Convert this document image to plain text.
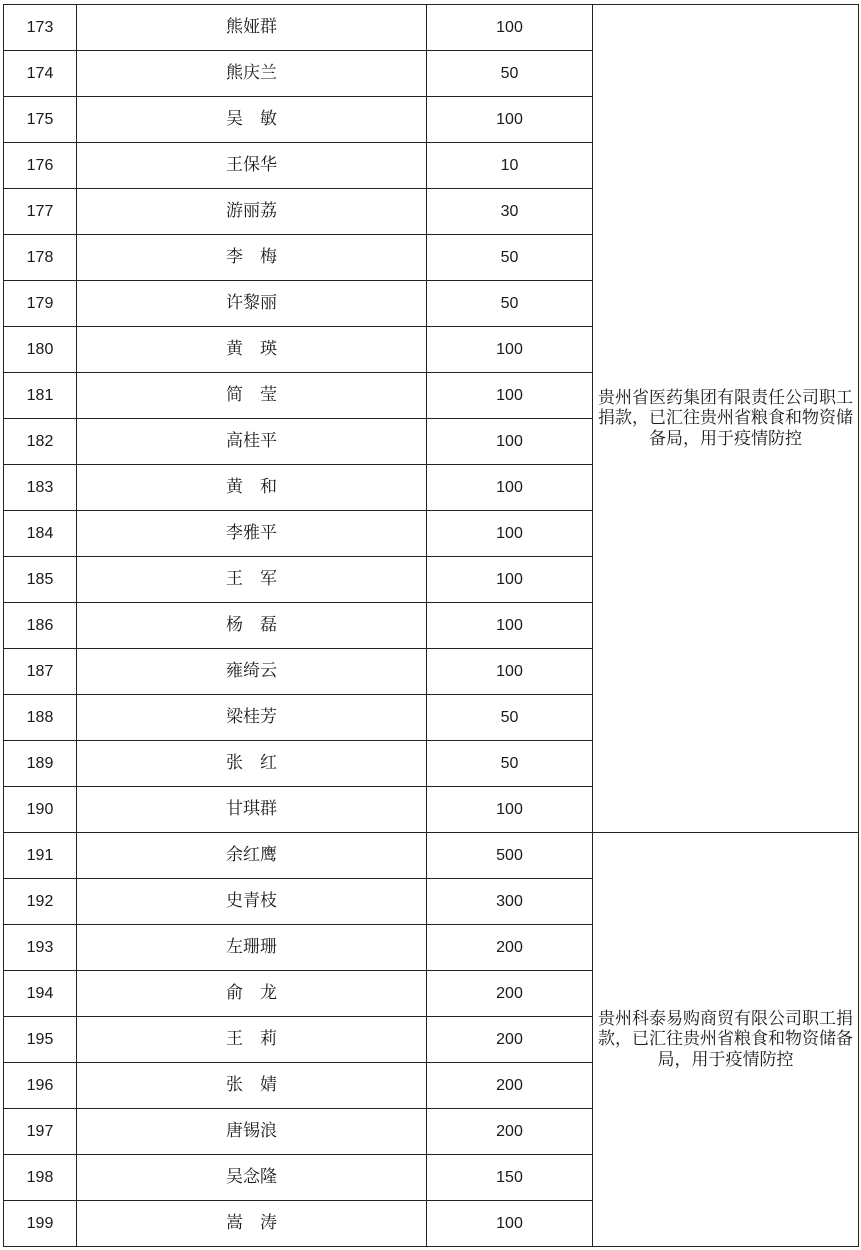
173	熊娅群	100	贵州省医药集团有限责任公司职工捐款，已汇往贵州省粮食和物资储备局，用于疫情防控
174	熊庆兰	50	
175	吴　敏	100	
176	王保华	10	
177	游丽荔	30	
178	李　梅	50	
179	许黎丽	50	
180	黄　瑛	100	
181	简　莹	100	
182	高桂平	100	
183	黄　和	100	
184	李雅平	100	
185	王　军	100	
186	杨　磊	100	
187	雍绮云	100	
188	梁桂芳	50	
189	张　红	50	
190	甘琪群	100	
191	余红鹰	500	贵州科泰易购商贸有限公司职工捐款，已汇往贵州省粮食和物资储备局，用于疫情防控
192	史青枝	300	
193	左珊珊	200	
194	俞　龙	200	
195	王　莉	200	
196	张　婧	200	
197	唐锡浪	200	
198	吴念隆	150	
199	嵩　涛	100	
